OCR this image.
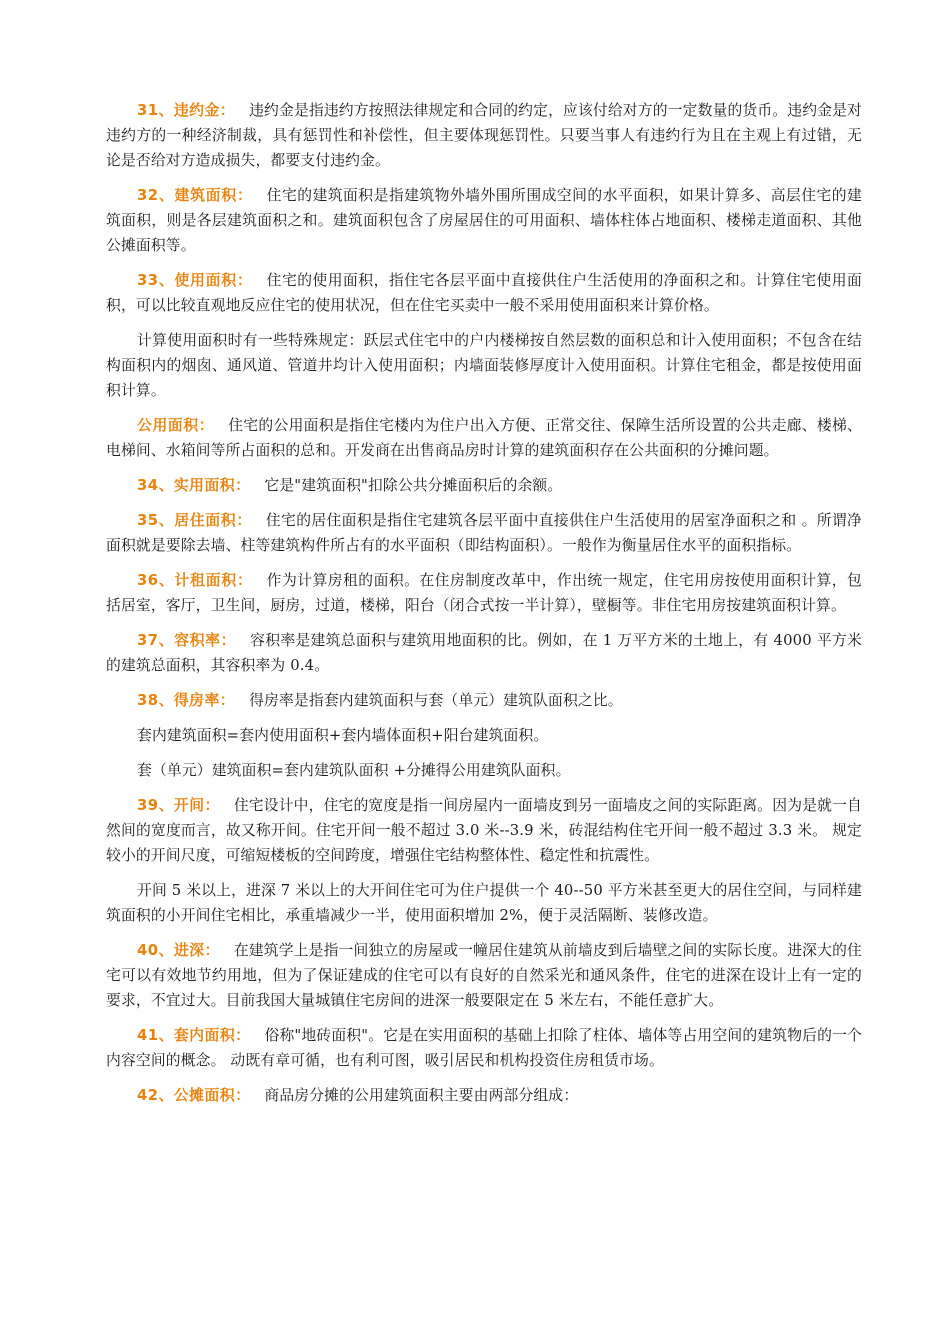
31、违约金： 违约金是指违约方按照法律规定和合同的约定，应该付给对方的一定数量的货币。违约金是对违约方的一种经济制裁，具有惩罚性和补偿性，但主要体现惩罚性。只要当事人有违约行为且在主观上有过错，无论是否给对方造成损失，都要支付违约金。

32、建筑面积： 住宅的建筑面积是指建筑物外墙外围所围成空间的水平面积，如果计算多、高层住宅的建筑面积，则是各层建筑面积之和。建筑面积包含了房屋居住的可用面积、墙体柱体占地面积、楼梯走道面积、其他公摊面积等。

33、使用面积： 住宅的使用面积，指住宅各层平面中直接供住户生活使用的净面积之和。计算住宅使用面积，可以比较直观地反应住宅的使用状况，但在住宅买卖中一般不采用使用面积来计算价格。

计算使用面积时有一些特殊规定：跃层式住宅中的户内楼梯按自然层数的面积总和计入使用面积；不包含在结构面积内的烟囱、通风道、管道井均计入使用面积；内墙面装修厚度计入使用面积。计算住宅租金，都是按使用面积计算。

公用面积： 住宅的公用面积是指住宅楼内为住户出入方便、正常交往、保障生活所设置的公共走廊、楼梯、电梯间、水箱间等所占面积的总和。开发商在出售商品房时计算的建筑面积存在公共面积的分摊问题。

34、实用面积： 它是"建筑面积"扣除公共分摊面积后的余额。

35、居住面积： 住宅的居住面积是指住宅建筑各层平面中直接供住户生活使用的居室净面积之和 。所谓净面积就是要除去墙、柱等建筑构件所占有的水平面积（即结构面积）。一般作为衡量居住水平的面积指标。

36、计租面积： 作为计算房租的面积。在住房制度改革中，作出统一规定，住宅用房按使用面积计算，包括居室，客厅，卫生间，厨房，过道，楼梯，阳台（闭合式按一半计算），壁橱等。非住宅用房按建筑面积计算。

37、容积率： 容积率是建筑总面积与建筑用地面积的比。例如，在 1 万平方米的土地上，有 4000 平方米的建筑总面积，其容积率为 0.4。

38、得房率： 得房率是指套内建筑面积与套（单元）建筑队面积之比。

套内建筑面积=套内使用面积+套内墙体面积+阳台建筑面积。

套（单元）建筑面积=套内建筑队面积 +分摊得公用建筑队面积。

39、开间： 住宅设计中，住宅的宽度是指一间房屋内一面墙皮到另一面墙皮之间的实际距离。因为是就一自然间的宽度而言，故又称开间。住宅开间一般不超过 3.0 米--3.9 米，砖混结构住宅开间一般不超过 3.3 米。 规定较小的开间尺度，可缩短楼板的空间跨度，增强住宅结构整体性、稳定性和抗震性。

开间 5 米以上，进深 7 米以上的大开间住宅可为住户提供一个 40--50 平方米甚至更大的居住空间，与同样建筑面积的小开间住宅相比，承重墙减少一半，使用面积增加 2%，便于灵活隔断、装修改造。

40、进深： 在建筑学上是指一间独立的房屋或一幢居住建筑从前墙皮到后墙壁之间的实际长度。进深大的住宅可以有效地节约用地，但为了保证建成的住宅可以有良好的自然采光和通风条件，住宅的进深在设计上有一定的要求，不宜过大。目前我国大量城镇住宅房间的进深一般要限定在 5 米左右，不能任意扩大。

41、套内面积： 俗称"地砖面积"。它是在实用面积的基础上扣除了柱体、墙体等占用空间的建筑物后的一个内容空间的概念。 动既有章可循，也有利可图，吸引居民和机构投资住房租赁市场。

42、公摊面积： 商品房分摊的公用建筑面积主要由两部分组成：
